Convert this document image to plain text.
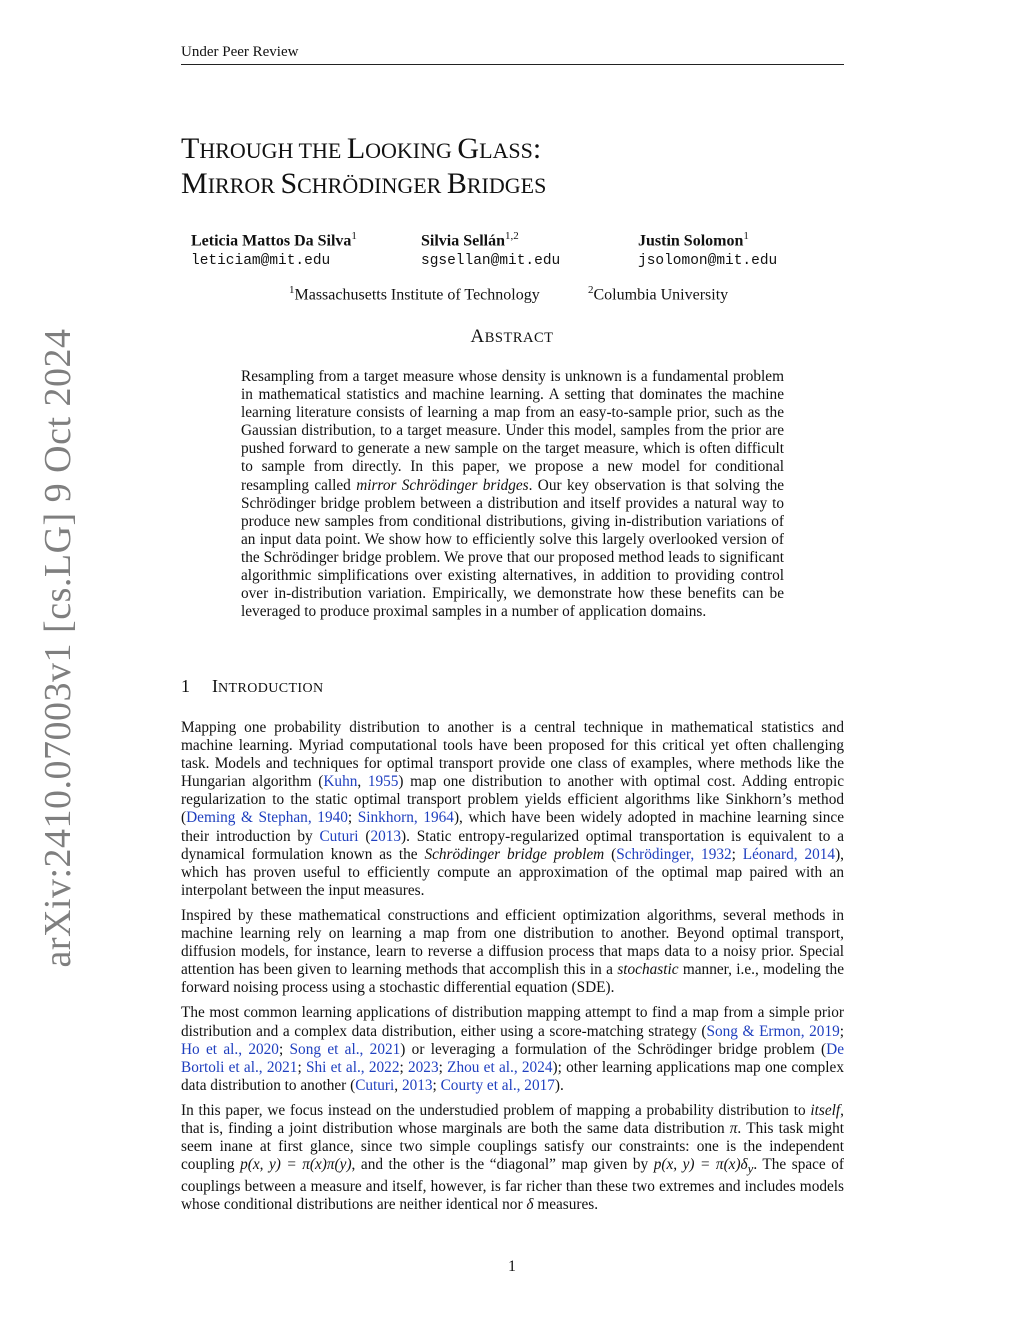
Under Peer Review
arXiv:2410.07003v1 [cs.LG] 9 Oct 2024
THROUGH THE LOOKING GLASS:
MIRROR SCHRÖDINGER BRIDGES
Leticia Mattos Da Silva$^1$
leticiam@mit.edu
Silvia Sellán$^{1,2}$
sgsellan@mit.edu
Justin Solomon$^1$
jsolomon@mit.edu
$^1$Massachusetts Institute of Technology	$^2$Columbia University
ABSTRACT
Resampling from a target measure whose density is unknown is a fundamental problem in mathematical statistics and machine learning. A setting that dominates the machine learning literature consists of learning a map from an easy-to-sample prior, such as the Gaussian distribution, to a target measure. Under this model, samples from the prior are pushed forward to generate a new sample on the target measure, which is often difficult to sample from directly. In this paper, we propose a new model for conditional resampling called mirror Schrödinger bridges. Our key observation is that solving the Schrödinger bridge problem between a distribution and itself provides a natural way to produce new samples from conditional distributions, giving in-distribution variations of an input data point. We show how to efficiently solve this largely overlooked version of the Schrödinger bridge problem. We prove that our proposed method leads to significant algorithmic simplifications over existing alternatives, in addition to providing control over in-distribution variation. Empirically, we demonstrate how these benefits can be leveraged to produce proximal samples in a number of application domains.
1 INTRODUCTION

Mapping one probability distribution to another is a central technique in mathematical statistics and machine learning. Myriad computational tools have been proposed for this critical yet often challenging task. Models and techniques for optimal transport provide one class of examples, where methods like the Hungarian algorithm (Kuhn, 1955) map one distribution to another with optimal cost. Adding entropic regularization to the static optimal transport problem yields efficient algorithms like Sinkhorn’s method (Deming & Stephan, 1940; Sinkhorn, 1964), which have been widely adopted in machine learning since their introduction by Cuturi (2013). Static entropy-regularized optimal transportation is equivalent to a dynamical formulation known as the Schrödinger bridge problem (Schrödinger, 1932; Léonard, 2014), which has proven useful to efficiently compute an approximation of the optimal map paired with an interpolant between the input measures.

Inspired by these mathematical constructions and efficient optimization algorithms, several methods in machine learning rely on learning a map from one distribution to another. Beyond optimal transport, diffusion models, for instance, learn to reverse a diffusion process that maps data to a noisy prior. Special attention has been given to learning methods that accomplish this in a stochastic manner, i.e., modeling the forward noising process using a stochastic differential equation (SDE).

The most common learning applications of distribution mapping attempt to find a map from a simple prior distribution and a complex data distribution, either using a score-matching strategy (Song & Ermon, 2019; Ho et al., 2020; Song et al., 2021) or leveraging a formulation of the Schrödinger bridge problem (De Bortoli et al., 2021; Shi et al., 2022; 2023; Zhou et al., 2024); other learning applications map one complex data distribution to another (Cuturi, 2013; Courty et al., 2017).

In this paper, we focus instead on the understudied problem of mapping a probability distribution to itself, that is, finding a joint distribution whose marginals are both the same data distribution π. This task might seem inane at first glance, since two simple couplings satisfy our constraints: one is the independent coupling p(x, y) = π(x)π(y), and the other is the “diagonal” map given by p(x, $y) = \pi(x)\delta_y$. The space of couplings between a measure and itself, however, is far richer than these two extremes and includes models whose conditional distributions are neither identical nor δ measures.

1
